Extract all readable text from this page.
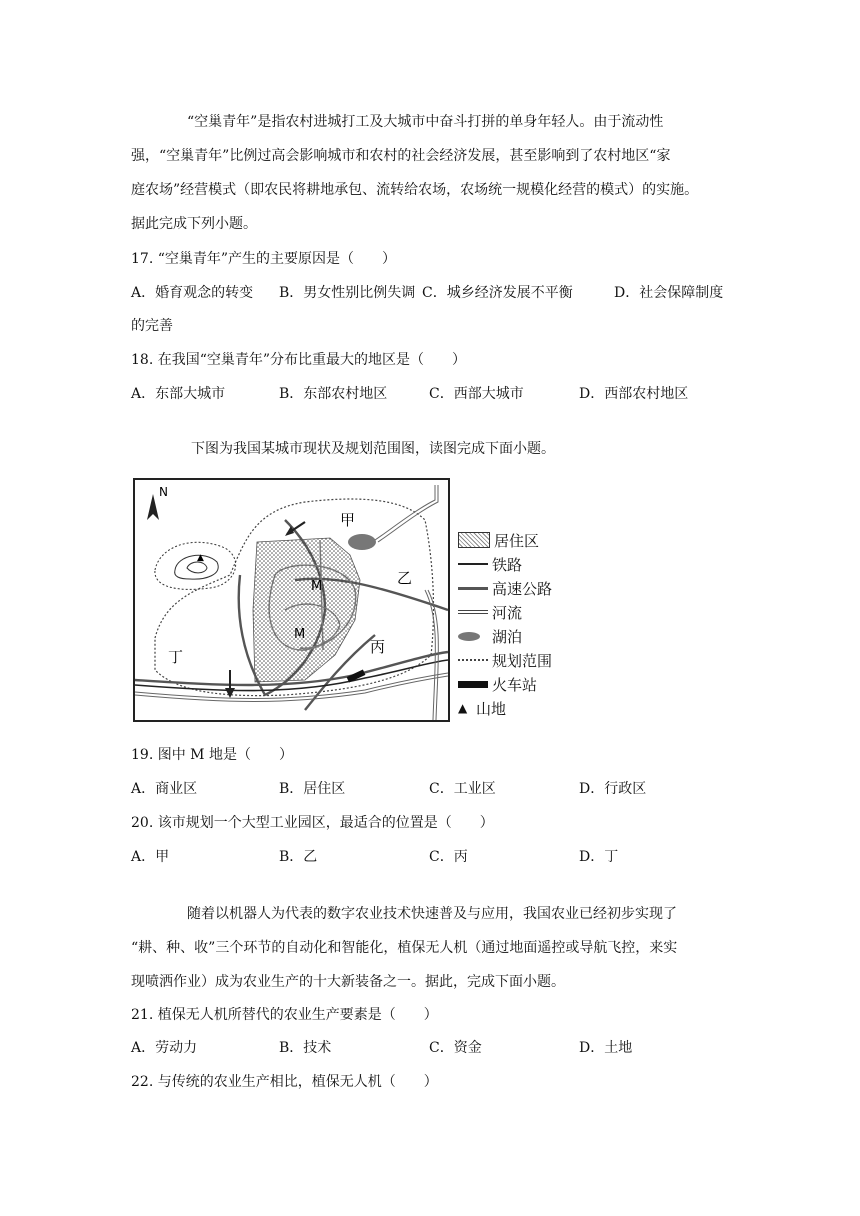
“空巢青年”是指农村进城打工及大城市中奋斗打拼的单身年轻人。由于流动性
强，“空巢青年”比例过高会影响城市和农村的社会经济发展，甚至影响到了农村地区“家
庭农场”经营模式（即农民将耕地承包、流转给农场，农场统一规模化经营的模式）的实施。
据此完成下列小题。
17. “空巢青年”产生的主要原因是（　　）
A．婚育观念的转变 B．男女性别比例失调 C．城乡经济发展不平衡	D．社会保障制度
的完善
18. 在我国“空巢青年”分布比重最大的地区是（　　）
A．东部大城市	B．东部农村地区	C．西部大城市	D．西部农村地区
下图为我国某城市现状及规划范围图，读图完成下面小题。
▲
N
甲
乙
丙
丁
M
M
居住区
铁路
高速公路
河流
湖泊
规划范围
火车站
▲ 山地
19. 图中 M 地是（　　）
A．商业区	B．居住区	C．工业区	D．行政区
20. 该市规划一个大型工业园区，最适合的位置是（　　）
A．甲	B．乙	C．丙	D．丁
随着以机器人为代表的数字农业技术快速普及与应用，我国农业已经初步实现了
“耕、种、收”三个环节的自动化和智能化，植保无人机（通过地面遥控或导航飞控，来实
现喷洒作业）成为农业生产的十大新装备之一。据此，完成下面小题。
21. 植保无人机所替代的农业生产要素是（　　）
A．劳动力	B．技术	C．资金	D．土地
22. 与传统的农业生产相比，植保无人机（　　）
